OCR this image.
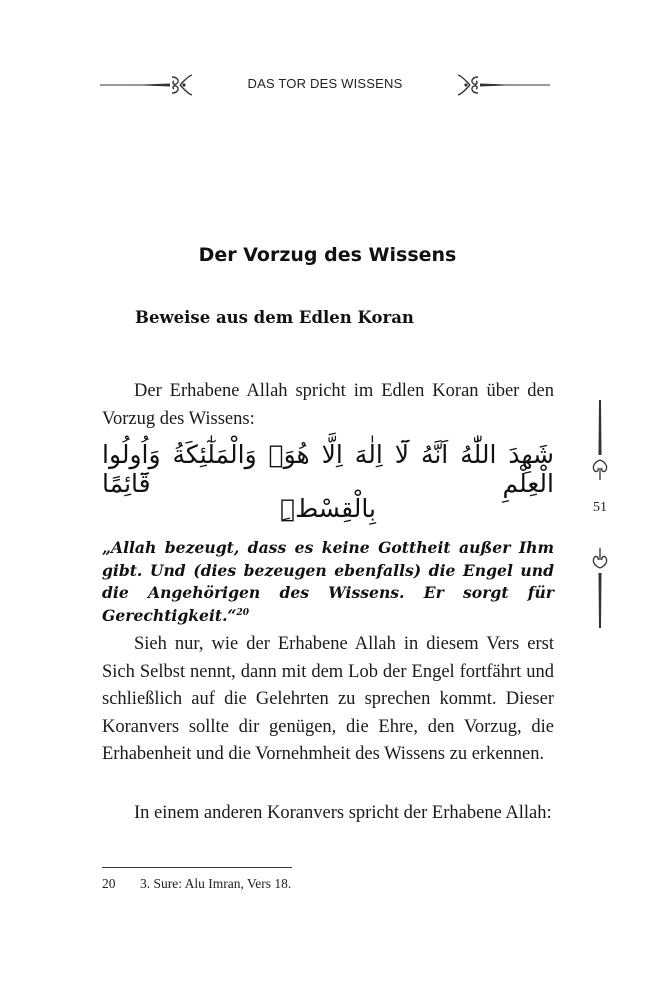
DAS TOR DES WISSENS
Der Vorzug des Wissens
Beweise aus dem Edlen Koran

Der Erhabene Allah spricht im Edlen Koran über den Vorzug des Wissens:

شَهِدَ اللّٰهُ اَنَّهُ لَٓا اِلٰهَ اِلَّا هُوَۙ وَالْمَلٰٓئِكَةُ وَاُولُوا الْعِلْمِ قَٓائِمًا
بِالْقِسْطِۜ

„Allah bezeugt, dass es keine Gottheit außer Ihm gibt. Und (dies bezeugen ebenfalls) die Engel und die Angehörigen des Wissens. Er sorgt für Gerechtigkeit.“$^{20}$

Sieh nur, wie der Erhabene Allah in diesem Vers erst Sich Selbst nennt, dann mit dem Lob der Engel fortfährt und schließlich auf die Gelehrten zu sprechen kommt. Dieser Koranvers sollte dir genügen, die Ehre, den Vorzug, die Erhabenheit und die Vornehmheit des Wissens zu erkennen.

In einem anderen Koranvers spricht der Erhabene Allah:

20 3. Sure: Alu Imran, Vers 18.
51
